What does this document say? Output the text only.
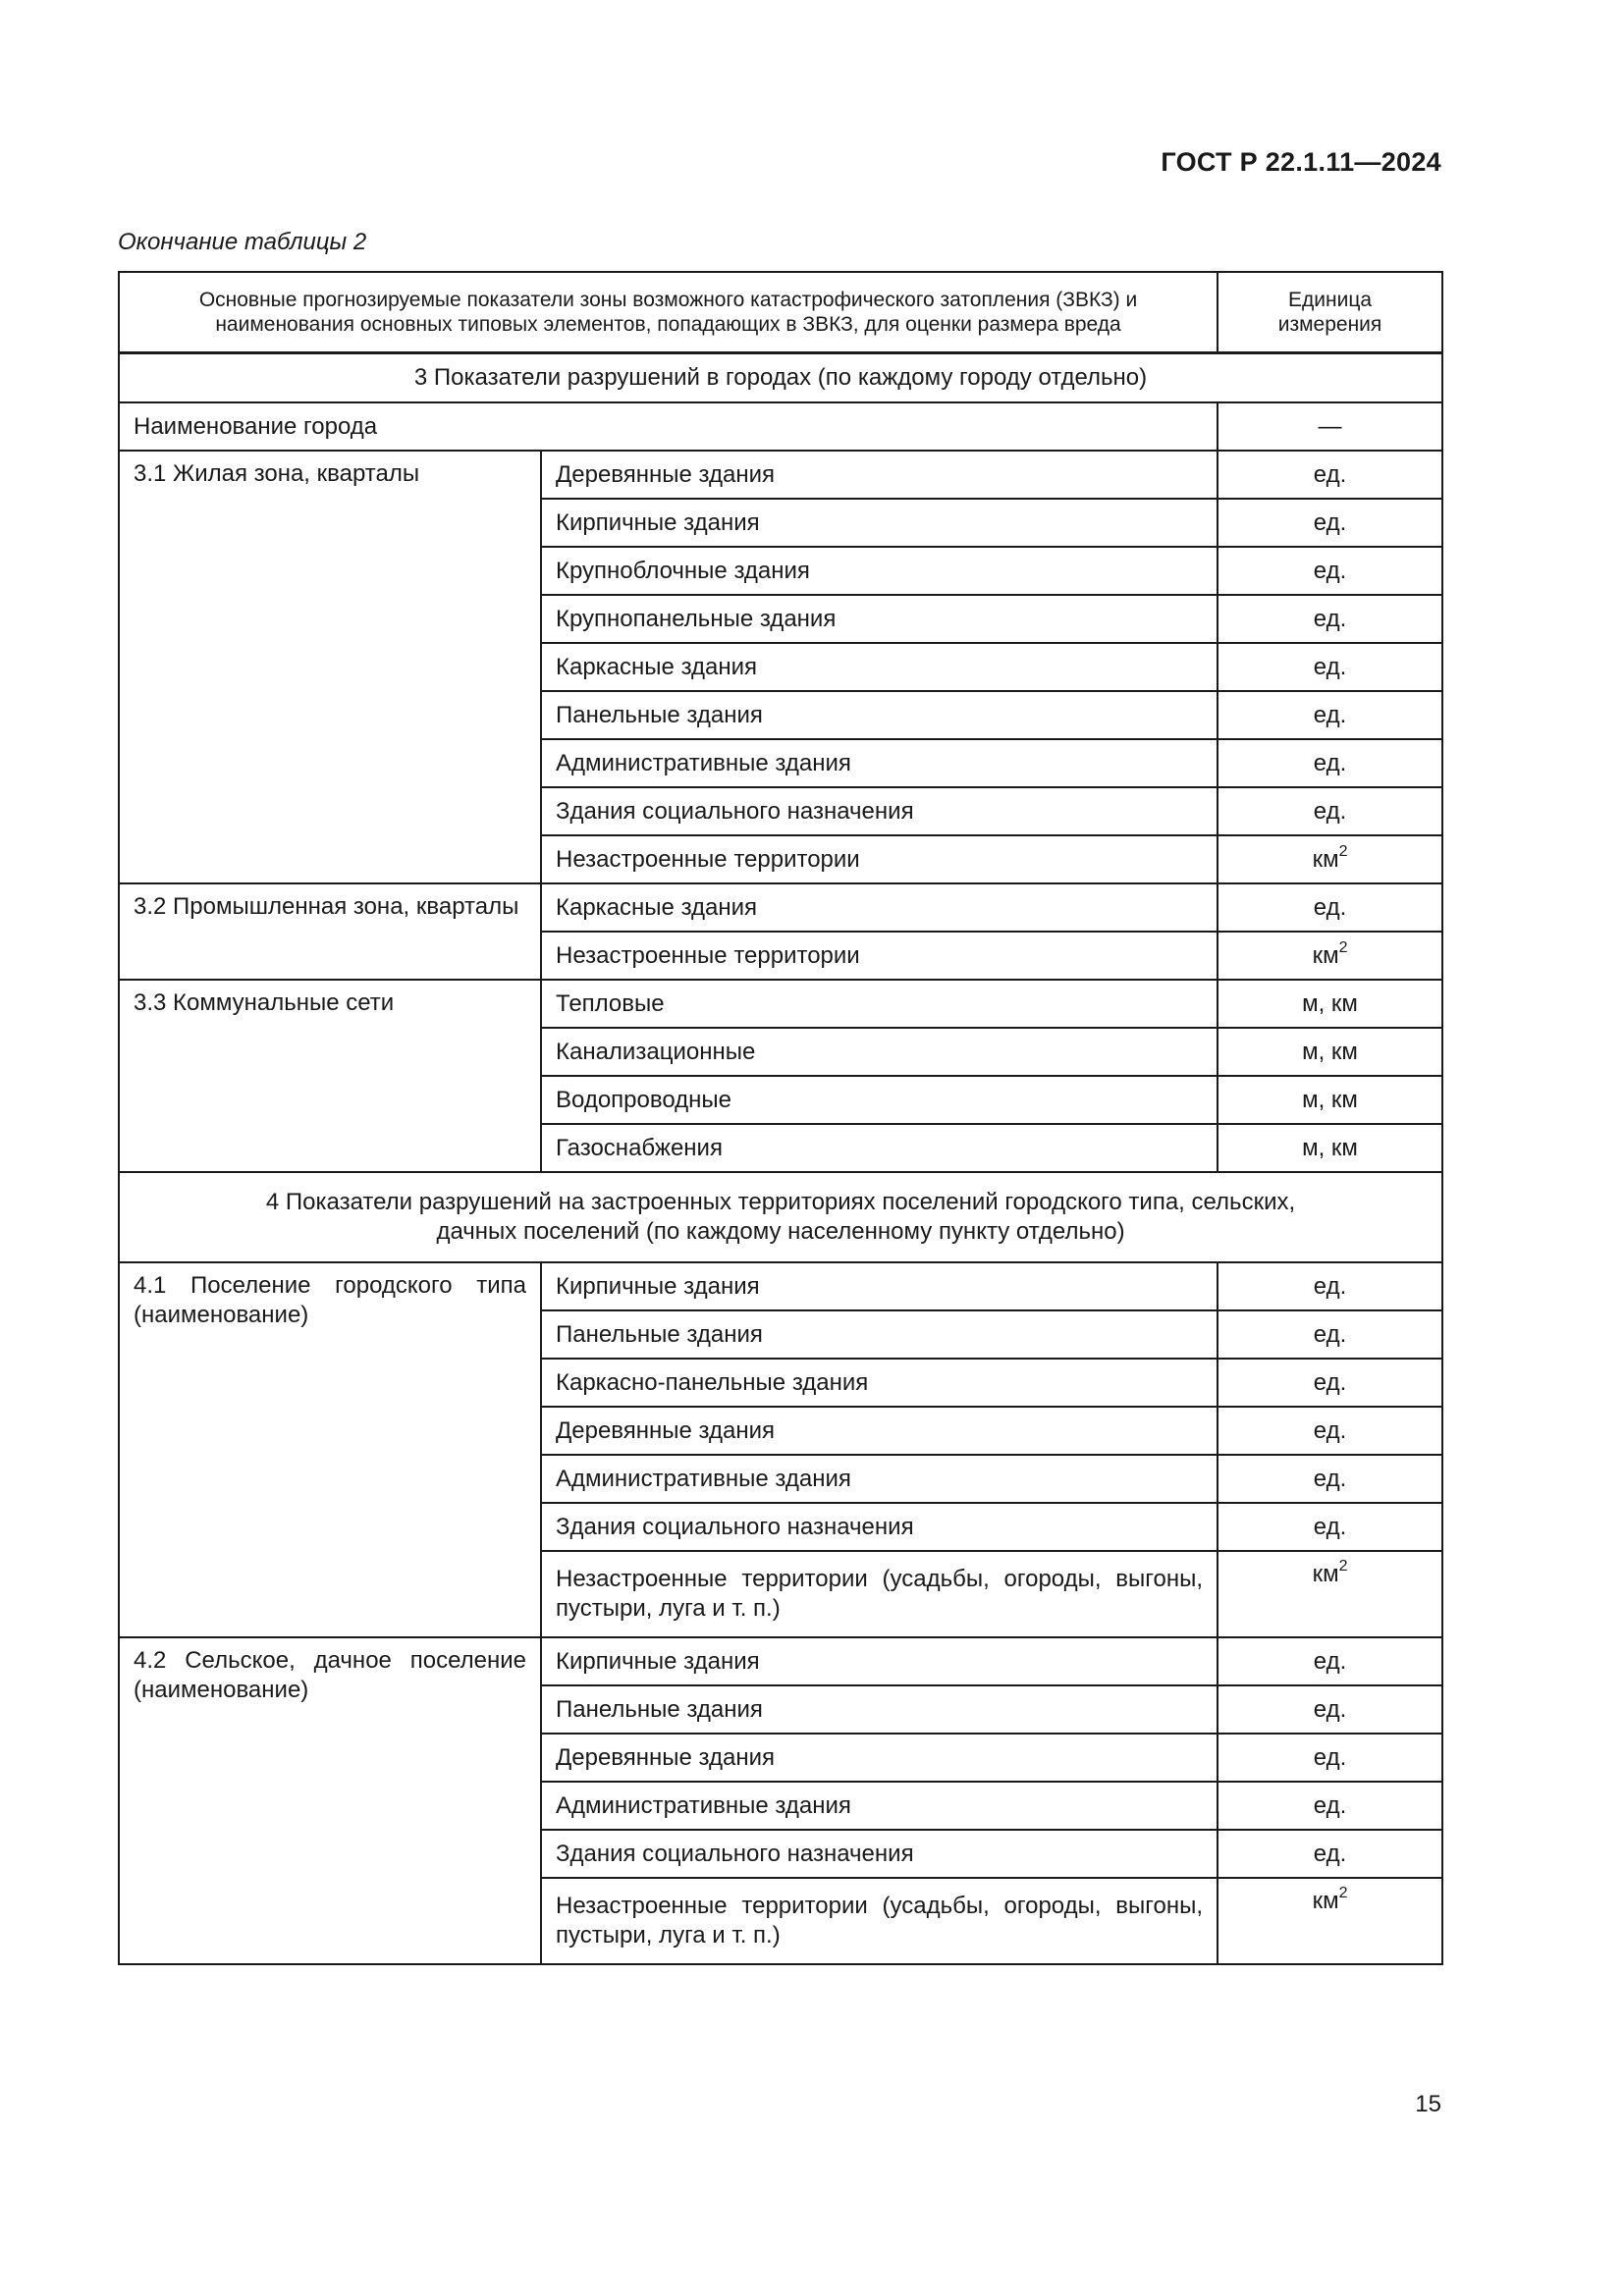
ГОСТ Р 22.1.11—2024
Окончание таблицы 2
Основные прогнозируемые показатели зоны возможного катастрофического затопления (ЗВКЗ) и
наименования основных типовых элементов, попадающих в ЗВКЗ, для оценки размера вреда		Единица
измерения
3 Показатели разрушений в городах (по каждому городу отдельно)		
Наименование города		—
3.1 Жилая зона, кварталы	Деревянные здания	ед.
	Кирпичные здания	ед.
	Крупноблочные здания	ед.
	Крупнопанельные здания	ед.
	Каркасные здания	ед.
	Панельные здания	ед.
	Административные здания	ед.
	Здания социального назначения	ед.
	Незастроенные территории	$км^2$
3.2 Промышленная зона, кварталы	Каркасные здания	ед.
	Незастроенные территории	$км^2$
3.3 Коммунальные сети	Тепловые	м, км
	Канализационные	м, км
	Водопроводные	м, км
	Газоснабжения	м, км
4 Показатели разрушений на застроенных территориях поселений городского типа, сельских,
дачных поселений (по каждому населенному пункту отдельно)		
4.1 Поселение городского типа (наименование)	Кирпичные здания	ед.
	Панельные здания	ед.
	Каркасно-панельные здания	ед.
	Деревянные здания	ед.
	Административные здания	ед.
	Здания социального назначения	ед.
	Незастроенные территории (усадьбы, огороды, выгоны, пустыри, луга и т. п.)	$км^2$
4.2 Сельское, дачное поселение (наименование)	Кирпичные здания	ед.
	Панельные здания	ед.
	Деревянные здания	ед.
	Административные здания	ед.
	Здания социального назначения	ед.
	Незастроенные территории (усадьбы, огороды, выгоны, пустыри, луга и т. п.)	$км^2$
15
